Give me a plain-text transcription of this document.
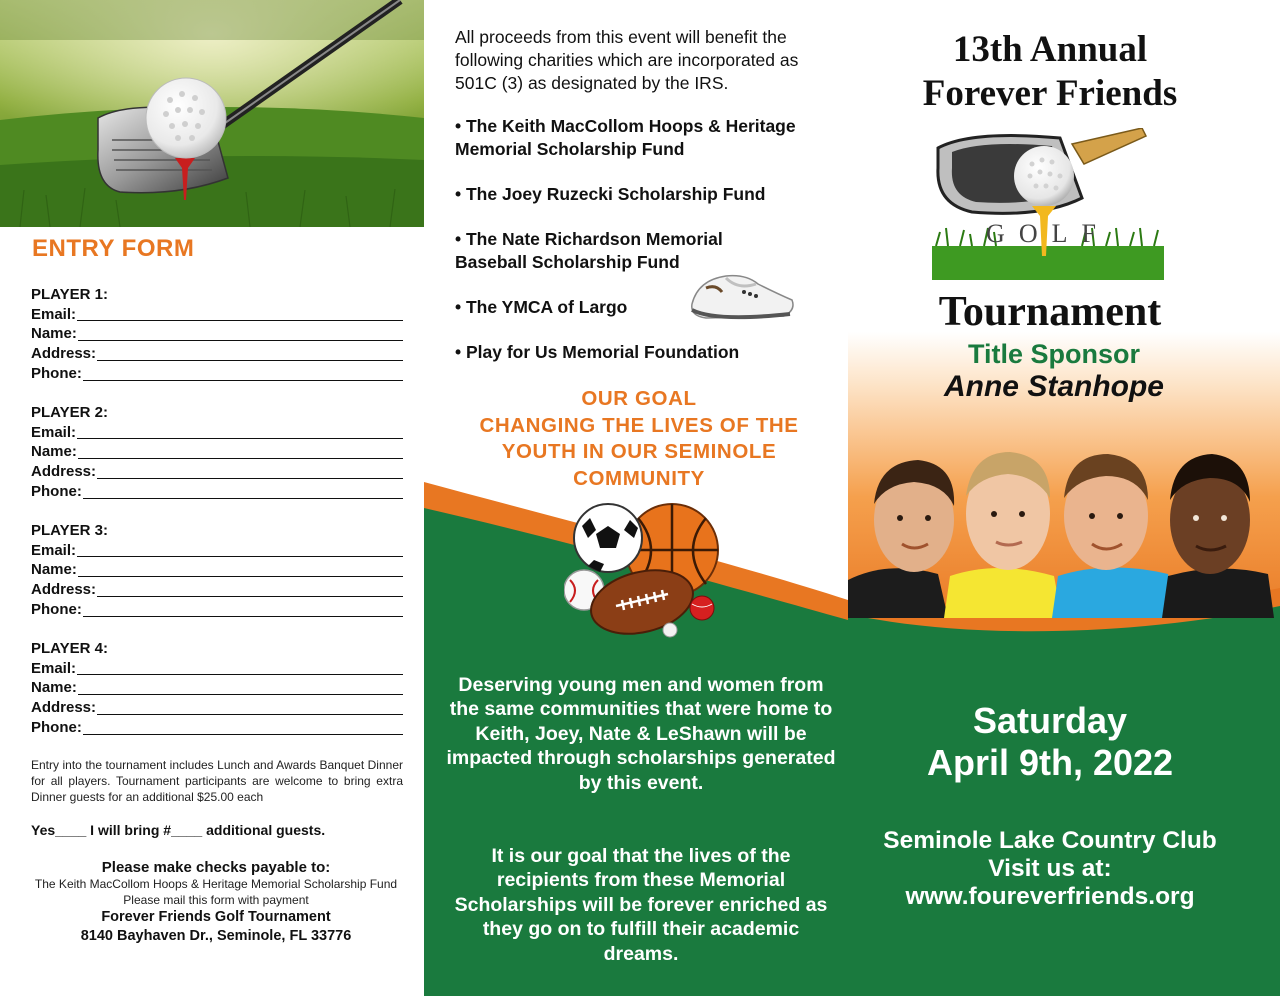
ENTRY FORM
PLAYER 1:
Email:
Name:
Address:
Phone:
PLAYER 2:
Email:
Name:
Address:
Phone:
PLAYER 3:
Email:
Name:
Address:
Phone:
PLAYER 4:
Email:
Name:
Address:
Phone:
Entry into the tournament includes Lunch and Awards Banquet Dinner for all players. Tournament participants are welcome to bring extra Dinner guests for an additional $25.00 each
Yes____ I will bring #____ additional guests.
Please make checks payable to:
The Keith MacCollom Hoops & Heritage Memorial Scholarship Fund
Please mail this form with payment
Forever Friends Golf Tournament
8140 Bayhaven Dr., Seminole, FL 33776
All proceeds from this event will benefit the following charities which are incorporated as 501C (3) as designated by the IRS.
• The Keith MacCollom Hoops & Heritage Memorial Scholarship Fund
• The Joey Ruzecki Scholarship Fund
• The Nate Richardson Memorial Baseball Scholarship Fund
• The YMCA of Largo
• Play for Us Memorial Foundation
OUR GOAL
CHANGING THE LIVES OF THE YOUTH IN OUR SEMINOLE COMMUNITY
Deserving young men and women from the same communities that were home to Keith, Joey, Nate & LeShawn will be impacted through scholarships generated by this event.
It is our goal that the lives of the recipients from these Memorial Scholarships will be forever enriched as they go on to fulfill their academic dreams.
13th Annual
Forever Friends
GOLF
Tournament
Title Sponsor
Anne Stanhope
Saturday
April 9th, 2022
Seminole Lake Country Club
Visit us at:
www.foureverfriends.org
